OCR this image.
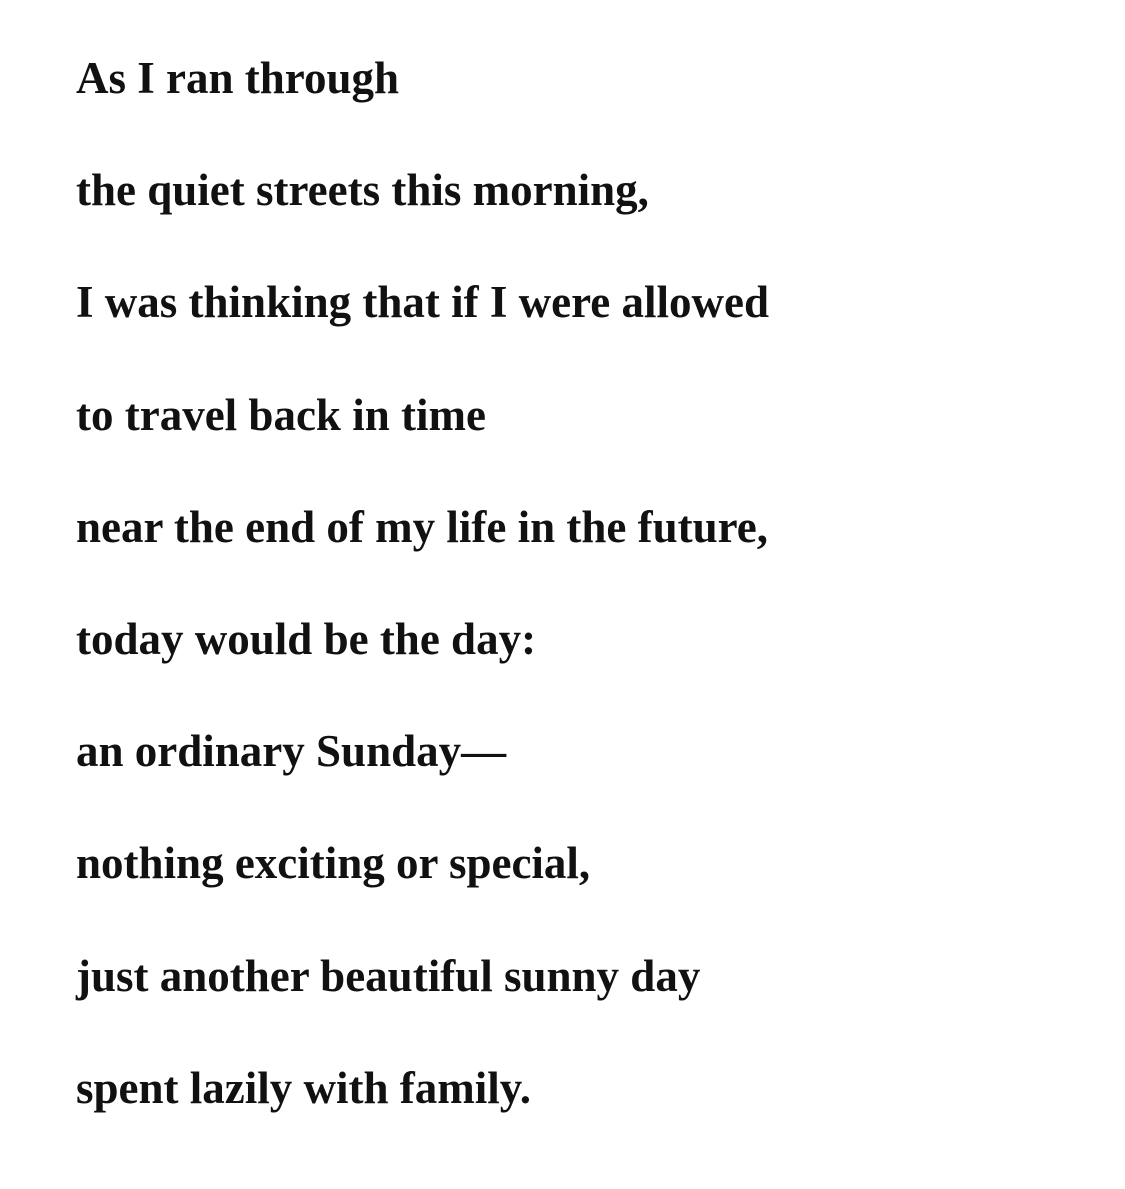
As I ran through

the quiet streets this morning,

I was thinking that if I were allowed

to travel back in time

near the end of my life in the future,

today would be the day:

an ordinary Sunday—

nothing exciting or special,

just another beautiful sunny day

spent lazily with family.
